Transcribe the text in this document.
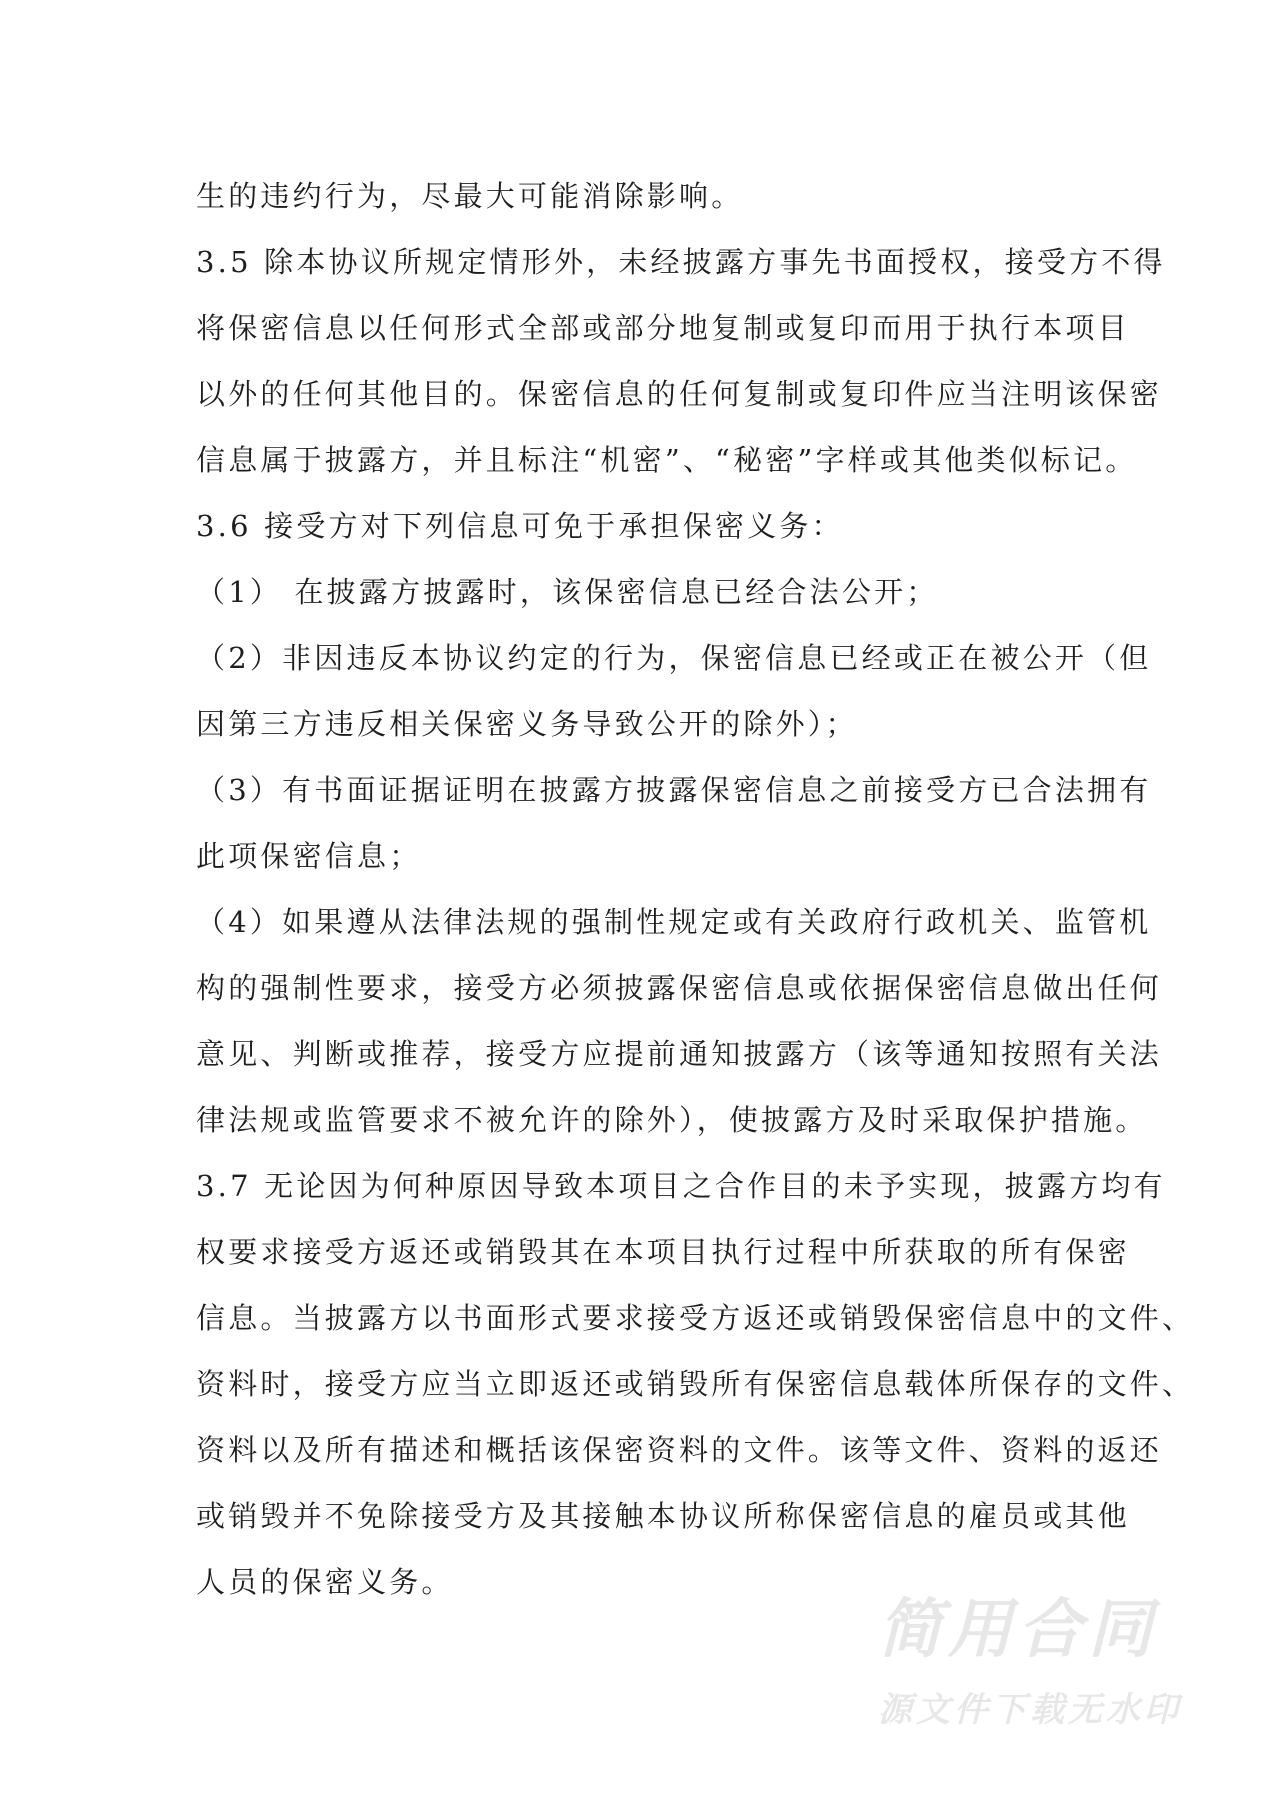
生的违约行为，尽最大可能消除影响。
3.5 除本协议所规定情形外，未经披露方事先书面授权，接受方不得
将保密信息以任何形式全部或部分地复制或复印而用于执行本项目
以外的任何其他目的。保密信息的任何复制或复印件应当注明该保密
信息属于披露方，并且标注“机密”、“秘密”字样或其他类似标记。
3.6 接受方对下列信息可免于承担保密义务：
（1） 在披露方披露时，该保密信息已经合法公开；
（2）非因违反本协议约定的行为，保密信息已经或正在被公开（但
因第三方违反相关保密义务导致公开的除外）；
（3）有书面证据证明在披露方披露保密信息之前接受方已合法拥有
此项保密信息；
（4）如果遵从法律法规的强制性规定或有关政府行政机关、监管机
构的强制性要求，接受方必须披露保密信息或依据保密信息做出任何
意见、判断或推荐，接受方应提前通知披露方（该等通知按照有关法
律法规或监管要求不被允许的除外），使披露方及时采取保护措施。
3.7 无论因为何种原因导致本项目之合作目的未予实现，披露方均有
权要求接受方返还或销毁其在本项目执行过程中所获取的所有保密
信息。当披露方以书面形式要求接受方返还或销毁保密信息中的文件、
资料时，接受方应当立即返还或销毁所有保密信息载体所保存的文件、
资料以及所有描述和概括该保密资料的文件。该等文件、资料的返还
或销毁并不免除接受方及其接触本协议所称保密信息的雇员或其他
人员的保密义务。
简用合同
源文件下载无水印
